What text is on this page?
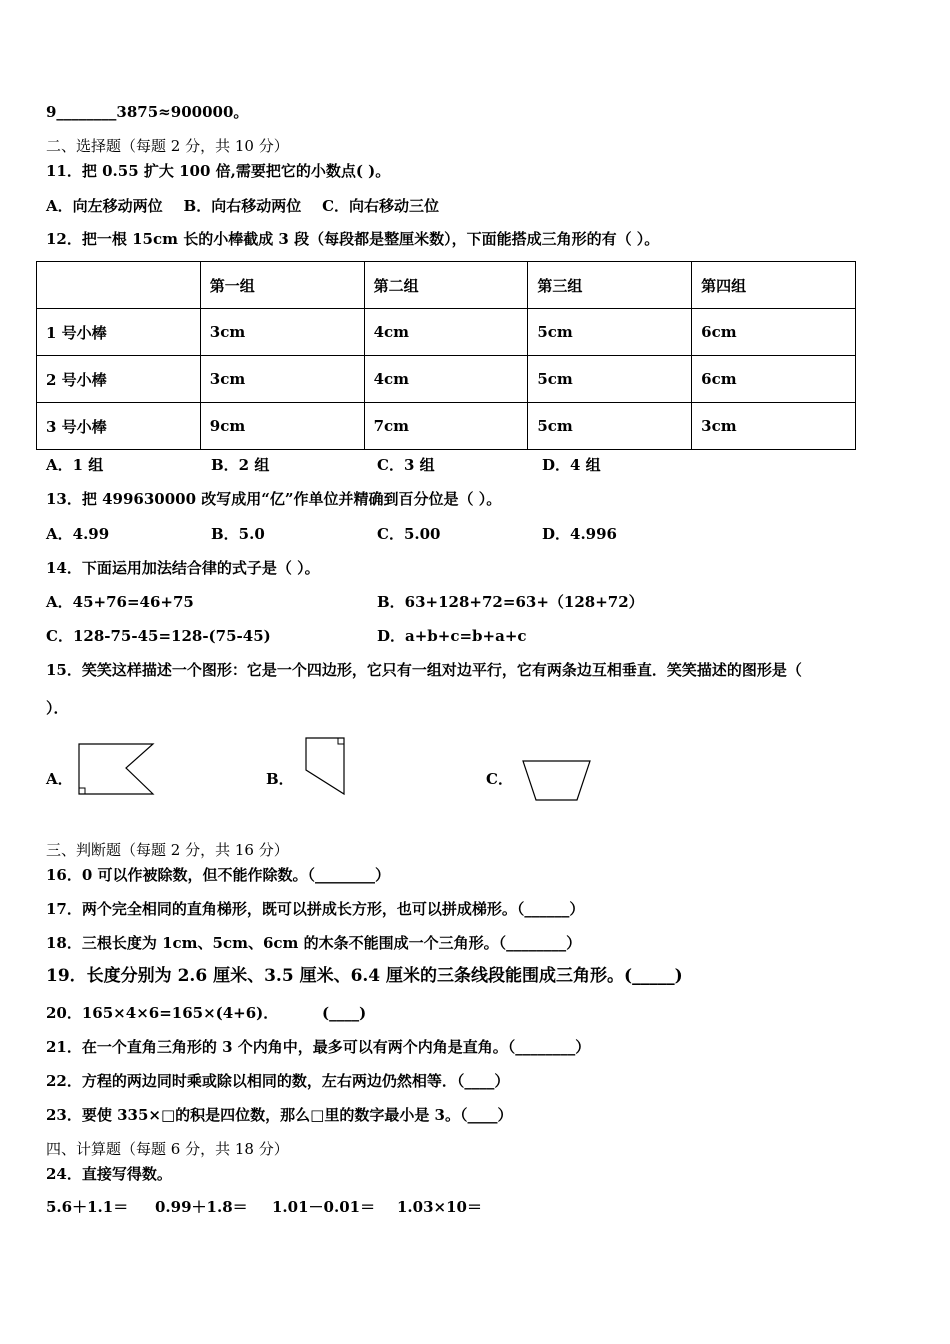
9________3875≈900000。
二、选择题（每题 2 分，共 10 分）
11．把 0.55 扩大 100 倍,需要把它的小数点( )。
A．向左移动两位    B．向右移动两位    C．向右移动三位
12．把一根 15cm 长的小棒截成 3 段（每段都是整厘米数），下面能搭成三角形的有（ ）。
	第一组	第二组	第三组	第四组
1 号小棒	3cm	4cm	5cm	6cm
2 号小棒	3cm	4cm	5cm	6cm
3 号小棒	9cm	7cm	5cm	3cm
A．1 组	B．2 组	C．3 组	D．4 组
13．把 499630000 改写成用“亿”作单位并精确到百分位是（ ）。
A．4.99	B．5.0	C．5.00	D．4.996
14．下面运用加法结合律的式子是（ ）。
A．45+76=46+75	B．63+128+72=63+（128+72）
C．128-75-45=128-(75-45)	D．a+b+c=b+a+c
15．笑笑这样描述一个图形：它是一个四边形，它只有一组对边平行，它有两条边互相垂直．笑笑描述的图形是（
）．
A．	B．	C．
三、判断题（每题 2 分，共 16 分）
16．0 可以作被除数，但不能作除数。（________）
17．两个完全相同的直角梯形，既可以拼成长方形，也可以拼成梯形。（______）
18．三根长度为 1cm、5cm、6cm 的木条不能围成一个三角形。（________）
19．长度分别为 2.6 厘米、3.5 厘米、6.4 厘米的三条线段能围成三角形。(_____)
20．165×4×6=165×(4+6)．	(____)
21．在一个直角三角形的 3 个内角中，最多可以有两个内角是直角。（________）
22．方程的两边同时乘或除以相同的数，左右两边仍然相等．（____）
23．要使 335×□的积是四位数，那么□里的数字最小是 3。（____）
四、计算题（每题 6 分，共 18 分）
24．直接写得数。
5.6＋1.1＝ 0.99＋1.8＝ 1.01－0.01＝ 1.03×10＝
